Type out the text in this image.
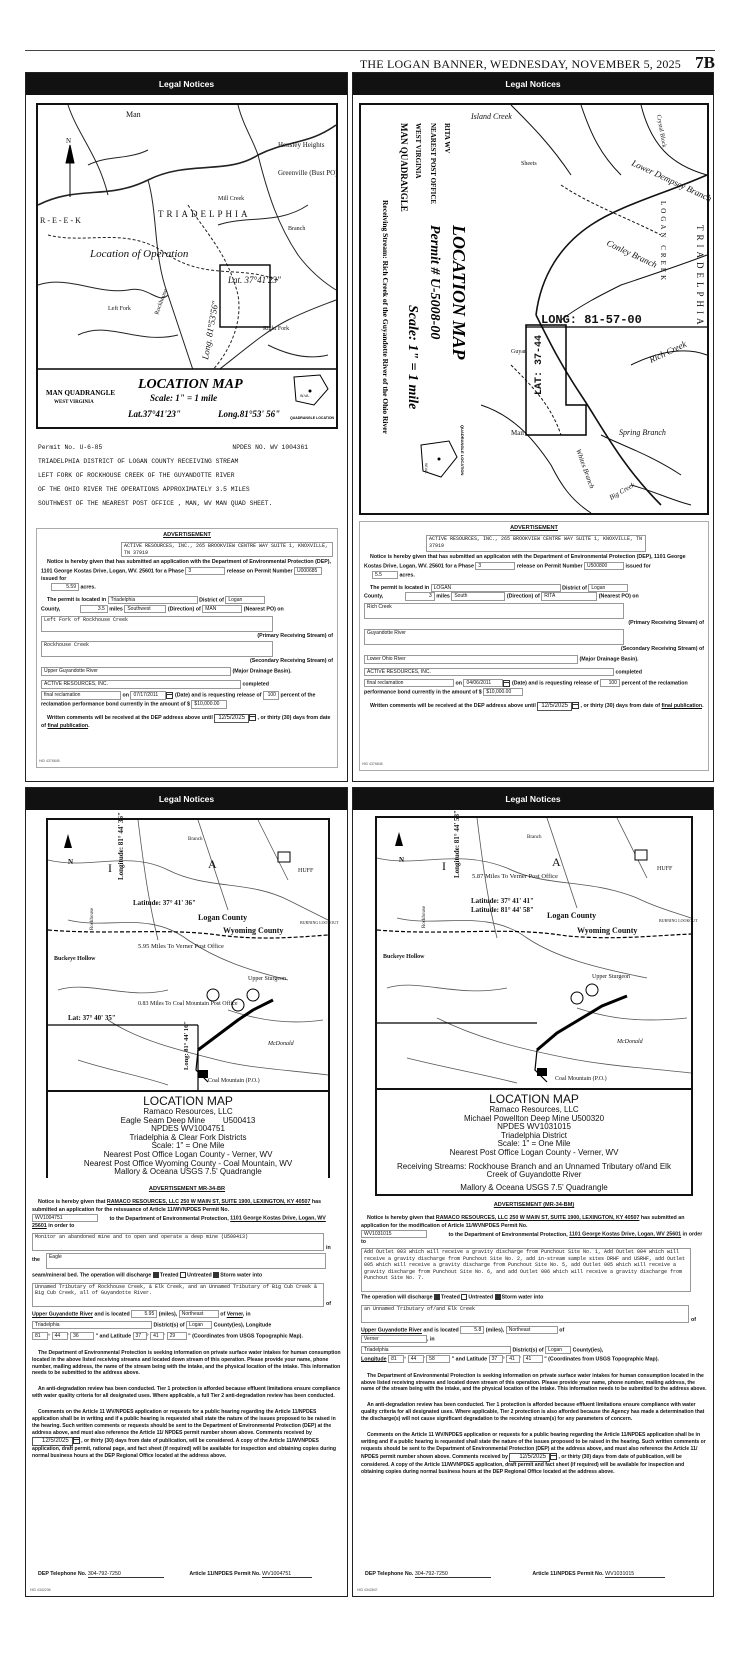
THE LOGAN BANNER, WEDNESDAY, NOVEMBER 5, 2025 7B
Legal Notices
Man
Hensley Heights
Greenville (Bust PO)
TRIADELPHIA
R-E-E-K
Location of Operation
Lat. 37°41'23"
Long. 81°53'56"
Rockhouse
Branch
Right Fork
Left Fork
Mill Creek
N
MAN QUADRANGLE
WEST VIRGINIA
LOCATION MAP
Scale: 1" = 1 mile
Lat.37°41'23"	Long.81°53' 56"
W.VA.
QUADRANGLE LOCATION
Permit No. U-6-85	NPDES NO. WV 1004361
TRIADELPHIA DISTRICT OF LOGAN COUNTY RECEIVING STREAM
LEFT FORK OF ROCKHOUSE CREEK OF THE GUYANDOTTE RIVER
OF THE OHIO RIVER THE OPERATIONS APPROXIMATELY 3.5 MILES
SOUTHWEST OF THE NEAREST POST OFFICE , MAN, WV MAN QUAD SHEET.
ADVERTISEMENT
ACTIVE RESOURCES, INC., 265 BROOKVIEW CENTRE WAY SUITE 1, KNOXVILLE, TN 37919
Notice is hereby given that has submitted an application with the Department of Environmental Protection (DEP), 1101 George Kostas Drive, Logan, WV. 25601 for a Phase 3	release on Permit Number U000685 issued for
5.59 acres.
The permit is located in Triadelphia	District of Logan
County,	3.5 miles Southwest	(Direction) of MAN	(Nearest PO) on
Left Fork of Rockhouse Creek
(Primary Receiving Stream) of
Rockhouse Creek
(Secondary Receiving Stream) of
Upper Guyandotte River	(Major Drainage Basin).
ACTIVE RESOURCES, INC.	completed
final reclamation	on 07/17/2011	(Date) and is requesting release of 100 percent of the reclamation performance bond currently in the amount of $ $10,000.00
Written comments will be received at the DEP address above until 12/5/2025 , or thirty (30) days from date of final publication.
HID 4376845
Legal Notices
MAN QUADRANGLE WEST VIRGINIA NEAREST POST OFFICE RITA WV
LOCATION MAP
Permit # U-5008-00
Scale: 1" = 1 mile
Receiving Stream: Rich Creek of the Guyandotte River of the Ohio River
W.VA.	QUADRANGLE LOCATION
Island Creek	Crystal Block
Lower Dempsey Branch
Conley Branch
Rich Creek
Spring Branch
LONG: 81-57-00
LAT: 37-44
Guyan
TRIADELPHIA
Sheets
Whites Branch
Man
Big Creek
LOGAN CREEK
ADVERTISEMENT
ACTIVE RESOURCES, INC., 265 BROOKVIEW CENTRE WAY SUITE 1, KNOXVILLE, TN 37919
Notice is hereby given that has submitted an applicaton with the Department of Environmental Protection (DEP), 1101 George Kostas Drive, Logan, WV. 25601 for a Phase 3	release on Permit Number U500800	issued for
5.5	acres.
The permit is located in LOGAN	District of Logan
County,	3 miles South	(Direction) of RITA	(Nearest PO) on
Rich Creek
(Primary Receiving Stream) of
Guyandotte River
(Secondary Receiving Stream) of
Lower Ohio River	(Major Drainage Basin).
ACTIVE RESOURCES, INC.	completed
final reclamation	on 04/06/2011	(Date) and is requesting release of 100 percent of the reclamation performance bond currently in the amount of $ $10,000.00
Written comments will be received at the DEP address above until 12/5/2025 , or thirty (30) days from date of final publication.
HID 4376846
Legal Notices
Longitude: 81° 44' 36"
Latitude: 37° 41' 36"
Logan County
Wyoming County
5.95 Miles To Verner Post Office
0.83 Miles To Coal Mountain Post Office
Lat: 37° 40' 35"
Long: 81° 44' 16"
Buckeye Hollow
HUFF
Upper Sturgeon
McDonald
Coal Mountain (P.O.)
BURNING LOOKOUT
Branch
Rockhouse
N	I	A
LOCATION MAP
Ramaco Resources, LLC
Eagle Seam Deep Mine        U500413
NPDES WV1004751
Triadelphia & Clear Fork Districts
Scale: 1" = One Mile
Nearest Post Office Logan County - Verner, WV
Nearest Post Office Wyoming County - Coal Mountain, WV
Mallory & Oceana USGS 7.5' Quadrangle
ADVERTISEMENT MR-34-BR
Notice is hereby given that RAMACO RESOURCES, LLC 250 W MAIN ST, SUITE 1900, LEXINGTON, KY 40507 has submitted an application for the reissuance of Article 11/WVNPDES Permit No.
WV1004751	to the Department of Environmental Protection, 1101 George Kostas Drive, Logan, WV 25601 in order to
Monitor an abandoned mine and to open and operate a deep mine (U500413)
in
the
Eagle
seam/mineral bed. The operation will discharge Treated Untreated Storm water into
Unnamed Tributary of Rockhouse Creek, & Elk Creek, and an Unnamed Tributary of Big Cub Creek & Big Cub Creek, all of Guyandotte River.
of
Upper Guyandotte River and is located	5.95 (miles), Northeast	of Verner, in
Triadelphia	District(s) of Logan County(ies), Longitude
81 ° 44 ' 36	" and Latitude 37 ° 41 ' 29 " (Coordinates from USGS Topographic Map).
The Department of Environmental Protection is seeking information on private surface water intakes for human consumption located in the above listed receiving streams and located down stream of this operation. Please provide your name, phone number, mailing address, the name of the stream being with the intake, and the physical location of the intake. This information needs to be submitted to the address above.
An anti-degradation review has been conducted. Tier 1 protection is afforded because effluent limitations ensure compliance with water quality criteria for all designated uses. Where applicable, a full Tier 2 anti-degradation review has been conducted.
Comments on the Article 11 WV/NPDES application or requests for a public hearing regarding the Article 11/NPDES application shall be in writing and if a public hearing is requested shall state the nature of the issues proposed to be raised in the hearing. Such written comments or requests should be sent to the Department of Environmental Protection (DEP) at the address above, and must also reference the Article 11/ NPDES permit number shown above. Comments received by 12/5/2025 , or thirty (30) days from date of publication, will be considered. A copy of the Article 11/WVNPDES application, draft permit, rational page, and fact sheet (if required) will be available for inspection and obtaining copies during normal business hours at the DEP Regional Office located at the address above.
DEP Telephone No. 304-792-7250	Article 11/NPDES Permit No. WV1004751
HID 4342236
Legal Notices
Longitude: 81° 44' 58"
Latitude: 37° 41' 41"
Logan County
Wyoming County
5.87 Miles To Verner Post Office
Latitude: 81° 44' 58"
Buckeye Hollow
HUFF
Upper Sturgeon
McDonald
Coal Mountain (P.O.)
BURNING LOOKOUT
Branch
Rockhouse
N	I	A
LOCATION MAP
Ramaco Resources, LLC
Michael Powellton Deep Mine U500320
NPDES WV1031015
Triadelphia District
Scale: 1" = One Mile
Nearest Post Office Logan County - Verner, WV
Receiving Streams: Rockhouse Branch and an Unnamed Tributary of/and Elk Creek of Guyandotte River
Mallory & Oceana USGS 7.5' Quadrangle
ADVERTISEMENT (MR-34-BM)
Notice is hereby given that RAMACO RESOURCES, LLC 250 W MAIN ST, SUITE 1900, LEXINGTON, KY 40507 has submitted an application for the modification of Article 11/WVNPDES Permit No.
WV1031015	to the Department of Environmental Protection, 1101 George Kostas Drive, Logan, WV 25601 in order to
Add Outlet 003 which will receive a gravity discharge from Punchout Site No. 1, Add Outlet 004 which will receive a gravity discharge from Punchout Site No. 2, add in-stream sample sites DRHF and USRHF, add Outlet 005 which will receive a gravity discharge from Punchout Site No. 5, add Outlet 005 which will receive a gravity discharge from Punchout Site No. 6, and add Outlet 006 which will receive a gravity discharge from Punchout Site No. 7.
The operation will discharge Treated Untreated Storm water into
an Unnamed Tributary of/and Elk Creek
of
Upper Guyandotte River and is located	5.8 (miles), Northeast	of
Verner	, in
Triadelphia	District(s) of Logan County(ies),
Longitude 81 ° 44 ' 58	" and Latitude 37 ° 41 ' 41 " (Coordinates from USGS Topographic Map).
The Department of Environmental Protection is seeking information on private surface water intakes for human consumption located in the above listed receiving streams and located down stream of this operation. Please provide your name, phone number, mailing address, the name of the stream being with the intake, and the physical location of the intake. This information needs to be submitted to the address above.
An anti-degradation review has been conducted. Tier 1 protection is afforded because effluent limitations ensure compliance with water quality criteria for all designated uses. Where applicable, Tier 2 protection is also afforded because the Agency has made a determination that the discharge(s) will not cause significant degradation to the receiving stream(s) for any parameters of concern.
Comments on the Article 11 WV/NPDES application or requests for a public hearing regarding the Article 11/NPDES application shall be in writing and if a public hearing is requested shall state the nature of the issues proposed to be raised in the hearing. Such written comments or requests should be sent to the Department of Environmental Protection (DEP) at the address above, and must also reference the Article 11/ NPDES permit number shown above. Comments received by 12/5/2025 , or thirty (30) days from date of publication, will be considered. A copy of the Article 11/WVNPDES application, draft permit and fact sheet (if required) will be available for inspection and obtaining copies during normal business hours at the DEP Regional Office located at the address above.
DEP Telephone No. 304-792-7250	Article 11/NPDES Permit No. WV1031015
HID 4342847
